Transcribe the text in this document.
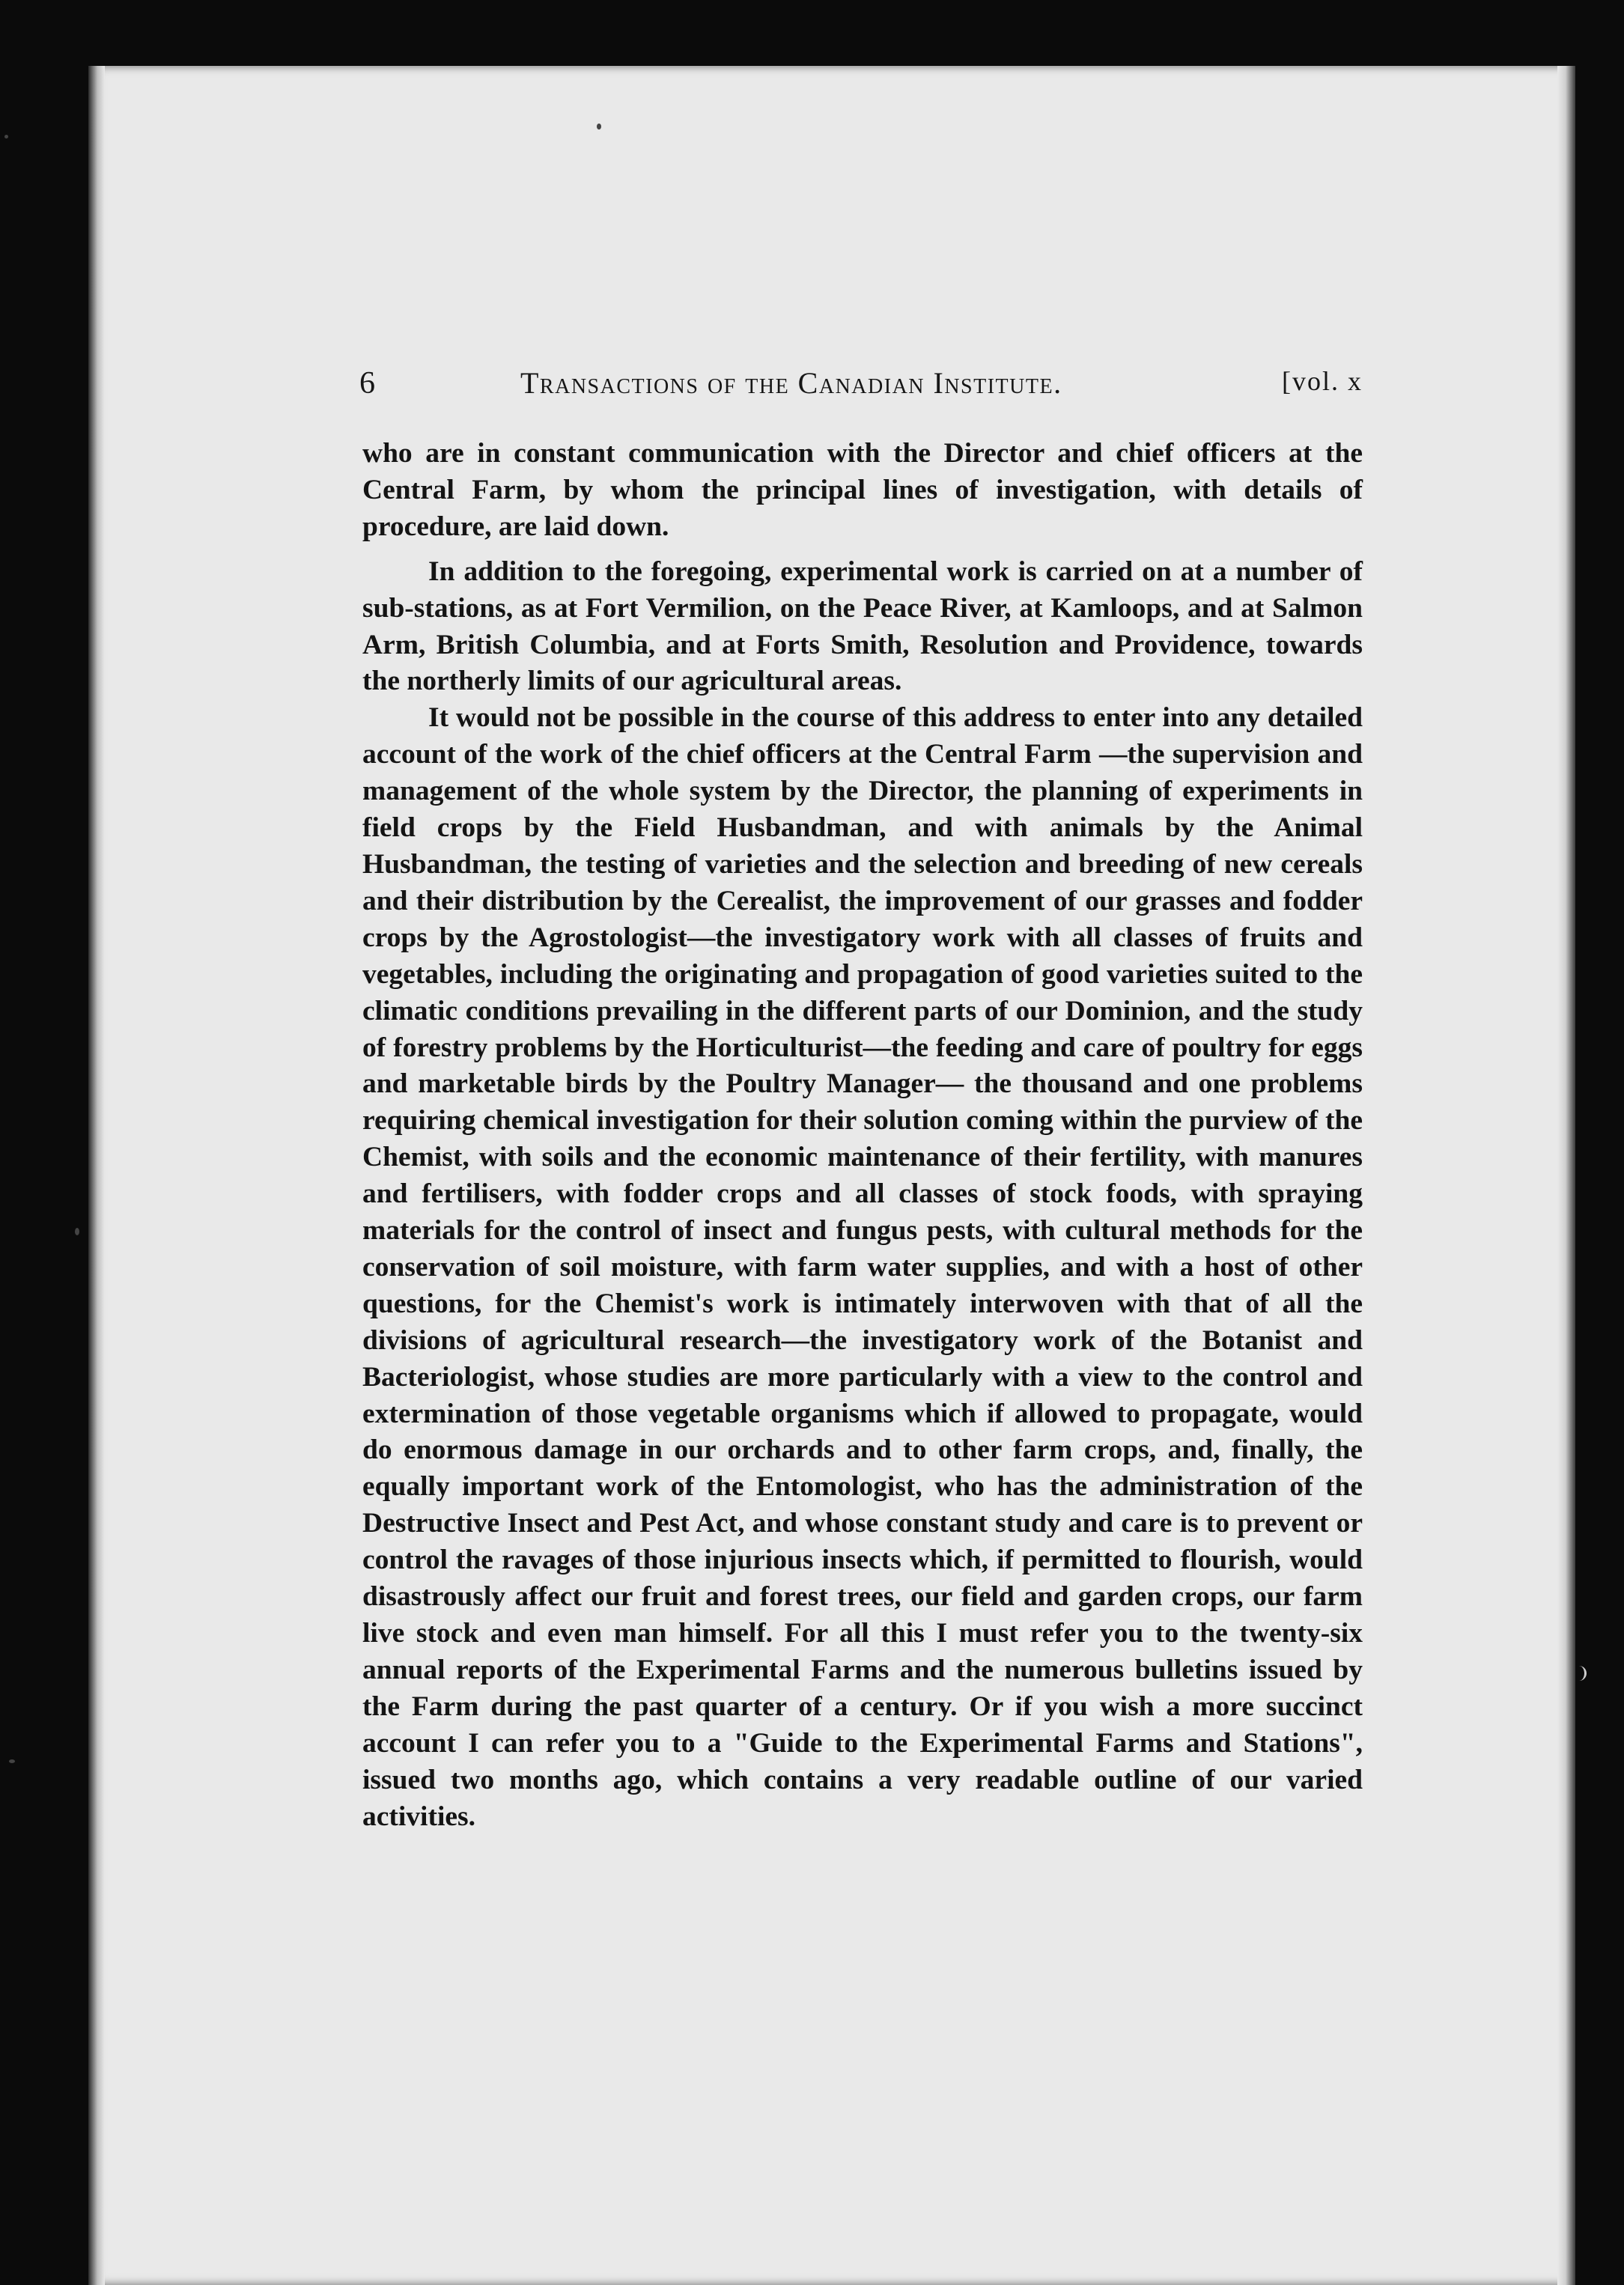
6	Transactions of the Canadian Institute.	[vol. x

who are in constant communication with the Director and chief officers at the Central Farm, by whom the principal lines of investigation, with details of procedure, are laid down.

In addition to the foregoing, experimental work is carried on at a number of sub-stations, as at Fort Vermilion, on the Peace River, at Kamloops, and at Salmon Arm, British Columbia, and at Forts Smith, Resolution and Providence, towards the northerly limits of our agricultural areas.

It would not be possible in the course of this address to enter into any detailed account of the work of the chief officers at the Central Farm —the supervision and management of the whole system by the Director, the planning of experiments in field crops by the Field Husbandman, and with animals by the Animal Husbandman, the testing of varieties and the selection and breeding of new cereals and their distribution by the Cerealist, the improvement of our grasses and fodder crops by the Agrostologist—the investigatory work with all classes of fruits and vegetables, including the originating and propagation of good varieties suited to the climatic conditions prevailing in the different parts of our Dominion, and the study of forestry problems by the Horticulturist—the feeding and care of poultry for eggs and marketable birds by the Poultry Manager— the thousand and one problems requiring chemical investigation for their solution coming within the purview of the Chemist, with soils and the economic maintenance of their fertility, with manures and fertilisers, with fodder crops and all classes of stock foods, with spraying materials for the control of insect and fungus pests, with cultural methods for the conservation of soil moisture, with farm water supplies, and with a host of other questions, for the Chemist's work is intimately interwoven with that of all the divisions of agricultural research—the investigatory work of the Botanist and Bacteriologist, whose studies are more particularly with a view to the control and extermination of those vegetable organisms which if allowed to propagate, would do enormous damage in our orchards and to other farm crops, and, finally, the equally important work of the Entomologist, who has the administration of the Destructive Insect and Pest Act, and whose constant study and care is to prevent or control the ravages of those injurious insects which, if permitted to flourish, would disastrously affect our fruit and forest trees, our field and garden crops, our farm live stock and even man himself. For all this I must refer you to the twenty-six annual reports of the Experimental Farms and the numerous bulletins issued by the Farm during the past quarter of a century. Or if you wish a more succinct account I can refer you to a "Guide to the Experimental Farms and Stations", issued two months ago, which contains a very readable outline of our varied activities.
